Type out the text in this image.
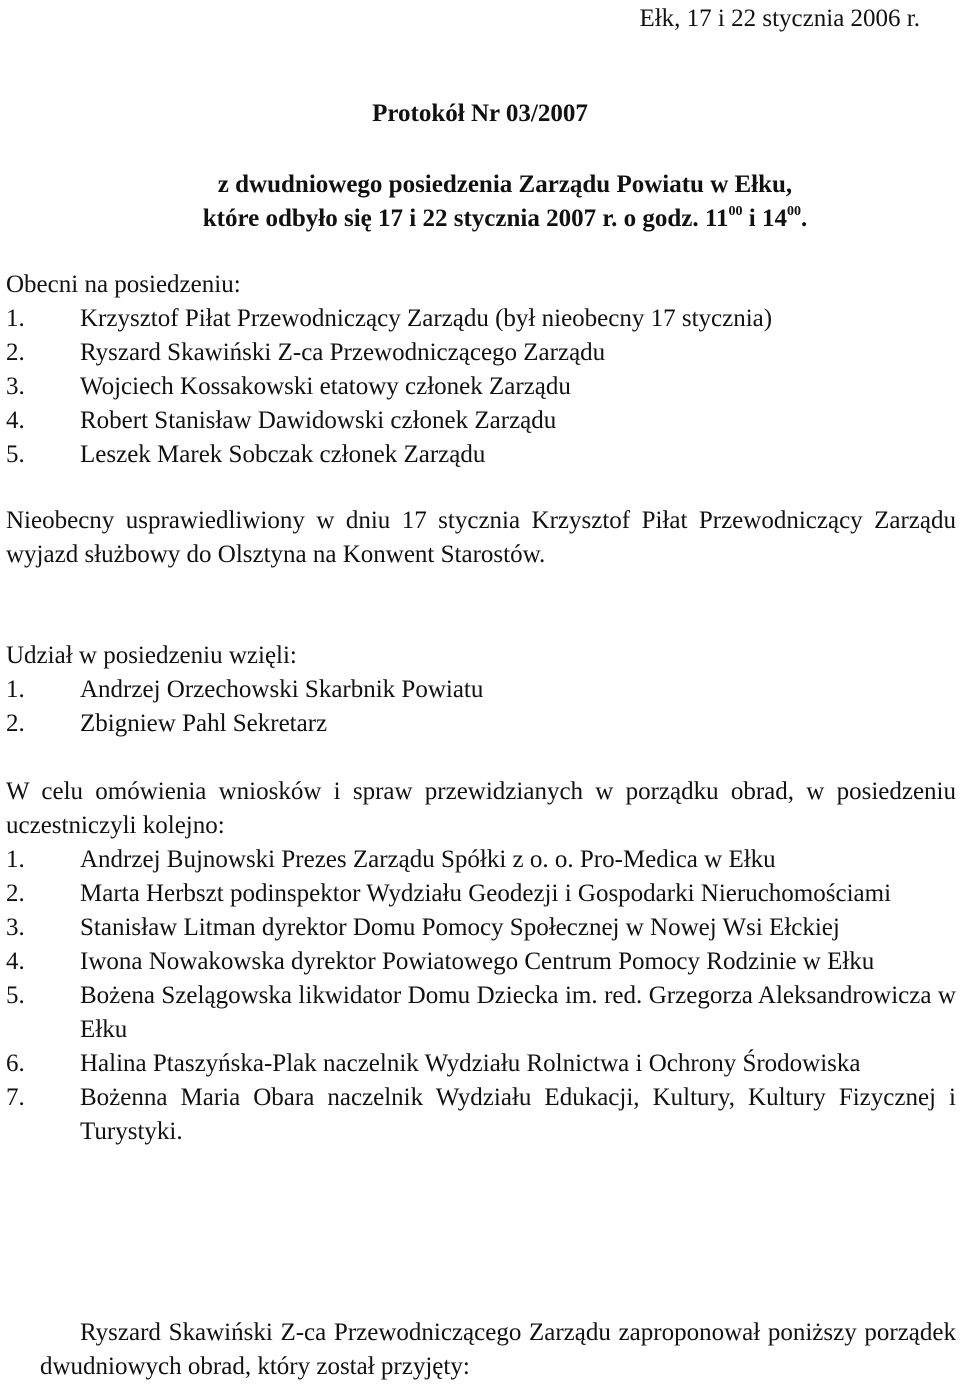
Ełk, 17 i 22 stycznia 2006 r.
Protokół Nr 03/2007
z dwudniowego posiedzenia Zarządu Powiatu w Ełku,
które odbyło się 17 i 22 stycznia 2007 r. o godz. $11^{00}$ i $14^{00}$.
Obecni na posiedzeniu:
1.	Krzysztof Piłat Przewodniczący Zarządu (był nieobecny 17 stycznia)
2.	Ryszard Skawiński Z-ca Przewodniczącego Zarządu
3.	Wojciech Kossakowski etatowy członek Zarządu
4.	Robert Stanisław Dawidowski członek Zarządu
5.	Leszek Marek Sobczak członek Zarządu
Nieobecny usprawiedliwiony w dniu 17 stycznia Krzysztof Piłat Przewodniczący Zarządu wyjazd służbowy do Olsztyna na Konwent Starostów.
Udział w posiedzeniu wzięli:
1.	Andrzej Orzechowski Skarbnik Powiatu
2.	Zbigniew Pahl Sekretarz
W celu omówienia wniosków i spraw przewidzianych w porządku obrad, w posiedzeniu uczestniczyli kolejno:
1.	Andrzej Bujnowski Prezes Zarządu Spółki z o. o. Pro-Medica w Ełku
2.	Marta Herbszt podinspektor Wydziału Geodezji i Gospodarki Nieruchomościami
3.	Stanisław Litman dyrektor Domu Pomocy Społecznej w Nowej Wsi Ełckiej
4.	Iwona Nowakowska dyrektor Powiatowego Centrum Pomocy Rodzinie w Ełku
5.	Bożena Szelągowska likwidator Domu Dziecka im. red. Grzegorza Aleksandrowicza w Ełku
6.	Halina Ptaszyńska-Plak naczelnik Wydziału Rolnictwa i Ochrony Środowiska
7.	Bożenna Maria Obara naczelnik Wydziału Edukacji, Kultury, Kultury Fizycznej i Turystyki.
Ryszard Skawiński Z-ca Przewodniczącego Zarządu zaproponował poniższy porządek dwudniowych obrad, który został przyjęty:
